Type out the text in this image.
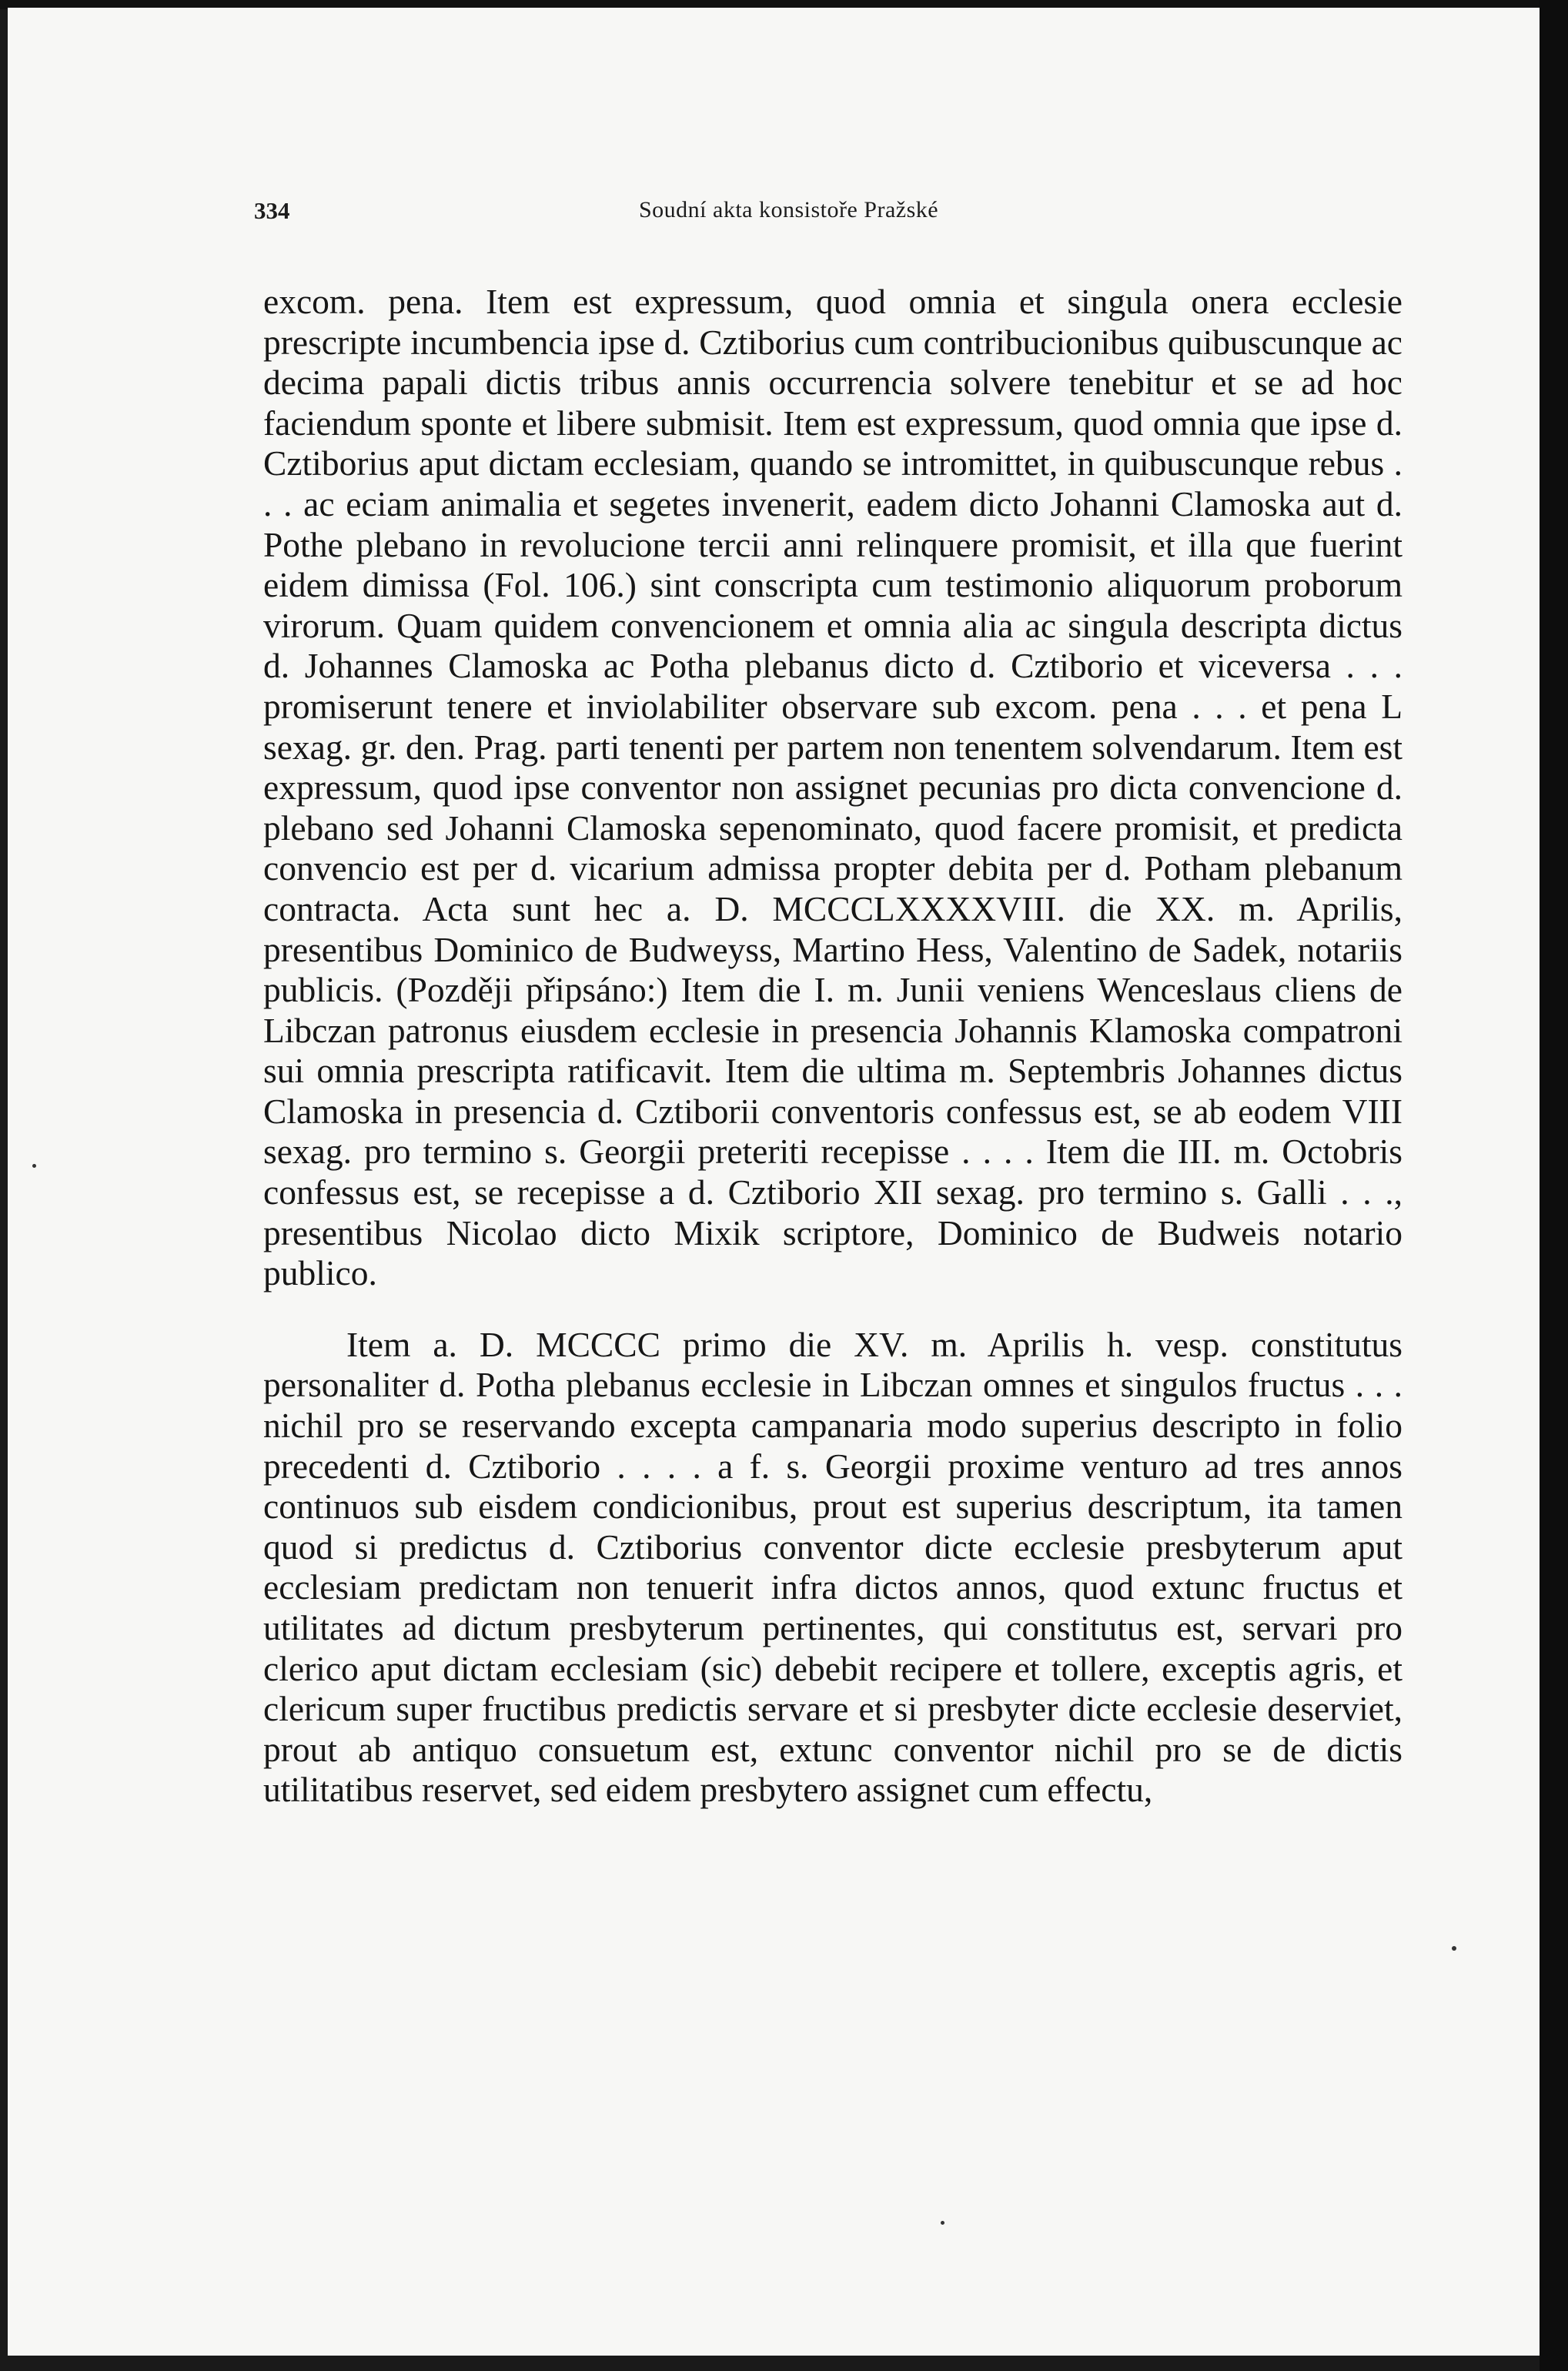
334	Soudní akta konsistoře Pražské

excom. pena. Item est expressum, quod omnia et singula onera ecclesie prescripte incumbencia ipse d. Cztiborius cum contribucionibus quibuscunque ac decima papali dictis tribus annis occurrencia solvere tenebitur et se ad hoc faciendum sponte et libere submisit. Item est expressum, quod omnia que ipse d. Cztiborius aput dictam ecclesiam, quando se intromittet, in quibuscunque rebus . . . ac eciam animalia et segetes invenerit, eadem dicto Johanni Clamoska aut d. Pothe plebano in revolucione tercii anni relinquere promisit, et illa que fuerint eidem dimissa (Fol. 106.) sint conscripta cum testimonio aliquorum proborum virorum. Quam quidem convencionem et omnia alia ac singula descripta dictus d. Johannes Clamoska ac Potha plebanus dicto d. Cztiborio et viceversa . . . promiserunt tenere et inviolabiliter observare sub excom. pena . . . et pena L sexag. gr. den. Prag. parti tenenti per partem non tenentem solvendarum. Item est expressum, quod ipse conventor non assignet pecunias pro dicta convencione d. plebano sed Johanni Clamoska sepenominato, quod facere promisit, et predicta convencio est per d. vicarium admissa propter debita per d. Potham plebanum contracta. Acta sunt hec a. D. MCCCLXXXXVIII. die XX. m. Aprilis, presentibus Dominico de Budweyss, Martino Hess, Valentino de Sadek, notariis publicis. (Později připsáno:) Item die I. m. Junii veniens Wenceslaus cliens de Libczan patronus eiusdem ecclesie in presencia Johannis Klamoska compatroni sui omnia prescripta ratificavit. Item die ultima m. Septembris Johannes dictus Clamoska in presencia d. Cztiborii conventoris confessus est, se ab eodem VIII sexag. pro termino s. Georgii preteriti recepisse . . . . Item die III. m. Octobris confessus est, se recepisse a d. Cztiborio XII sexag. pro termino s. Galli . . ., presentibus Nicolao dicto Mixik scriptore, Dominico de Budweis notario publico.

Item a. D. MCCCC primo die XV. m. Aprilis h. vesp. constitutus personaliter d. Potha plebanus ecclesie in Libczan omnes et singulos fructus . . . nichil pro se reservando excepta campanaria modo superius descripto in folio precedenti d. Cztiborio . . . . a f. s. Georgii proxime venturo ad tres annos continuos sub eisdem condicionibus, prout est superius descriptum, ita tamen quod si predictus d. Cztiborius conventor dicte ecclesie presbyterum aput ecclesiam predictam non tenuerit infra dictos annos, quod extunc fructus et utilitates ad dictum presbyterum pertinentes, qui constitutus est, servari pro clerico aput dictam ecclesiam (sic) debebit recipere et tollere, exceptis agris, et clericum super fructibus predictis servare et si presbyter dicte ecclesie deserviet, prout ab antiquo consuetum est, extunc conventor nichil pro se de dictis utilitatibus reservet, sed eidem presbytero assignet cum effectu,
